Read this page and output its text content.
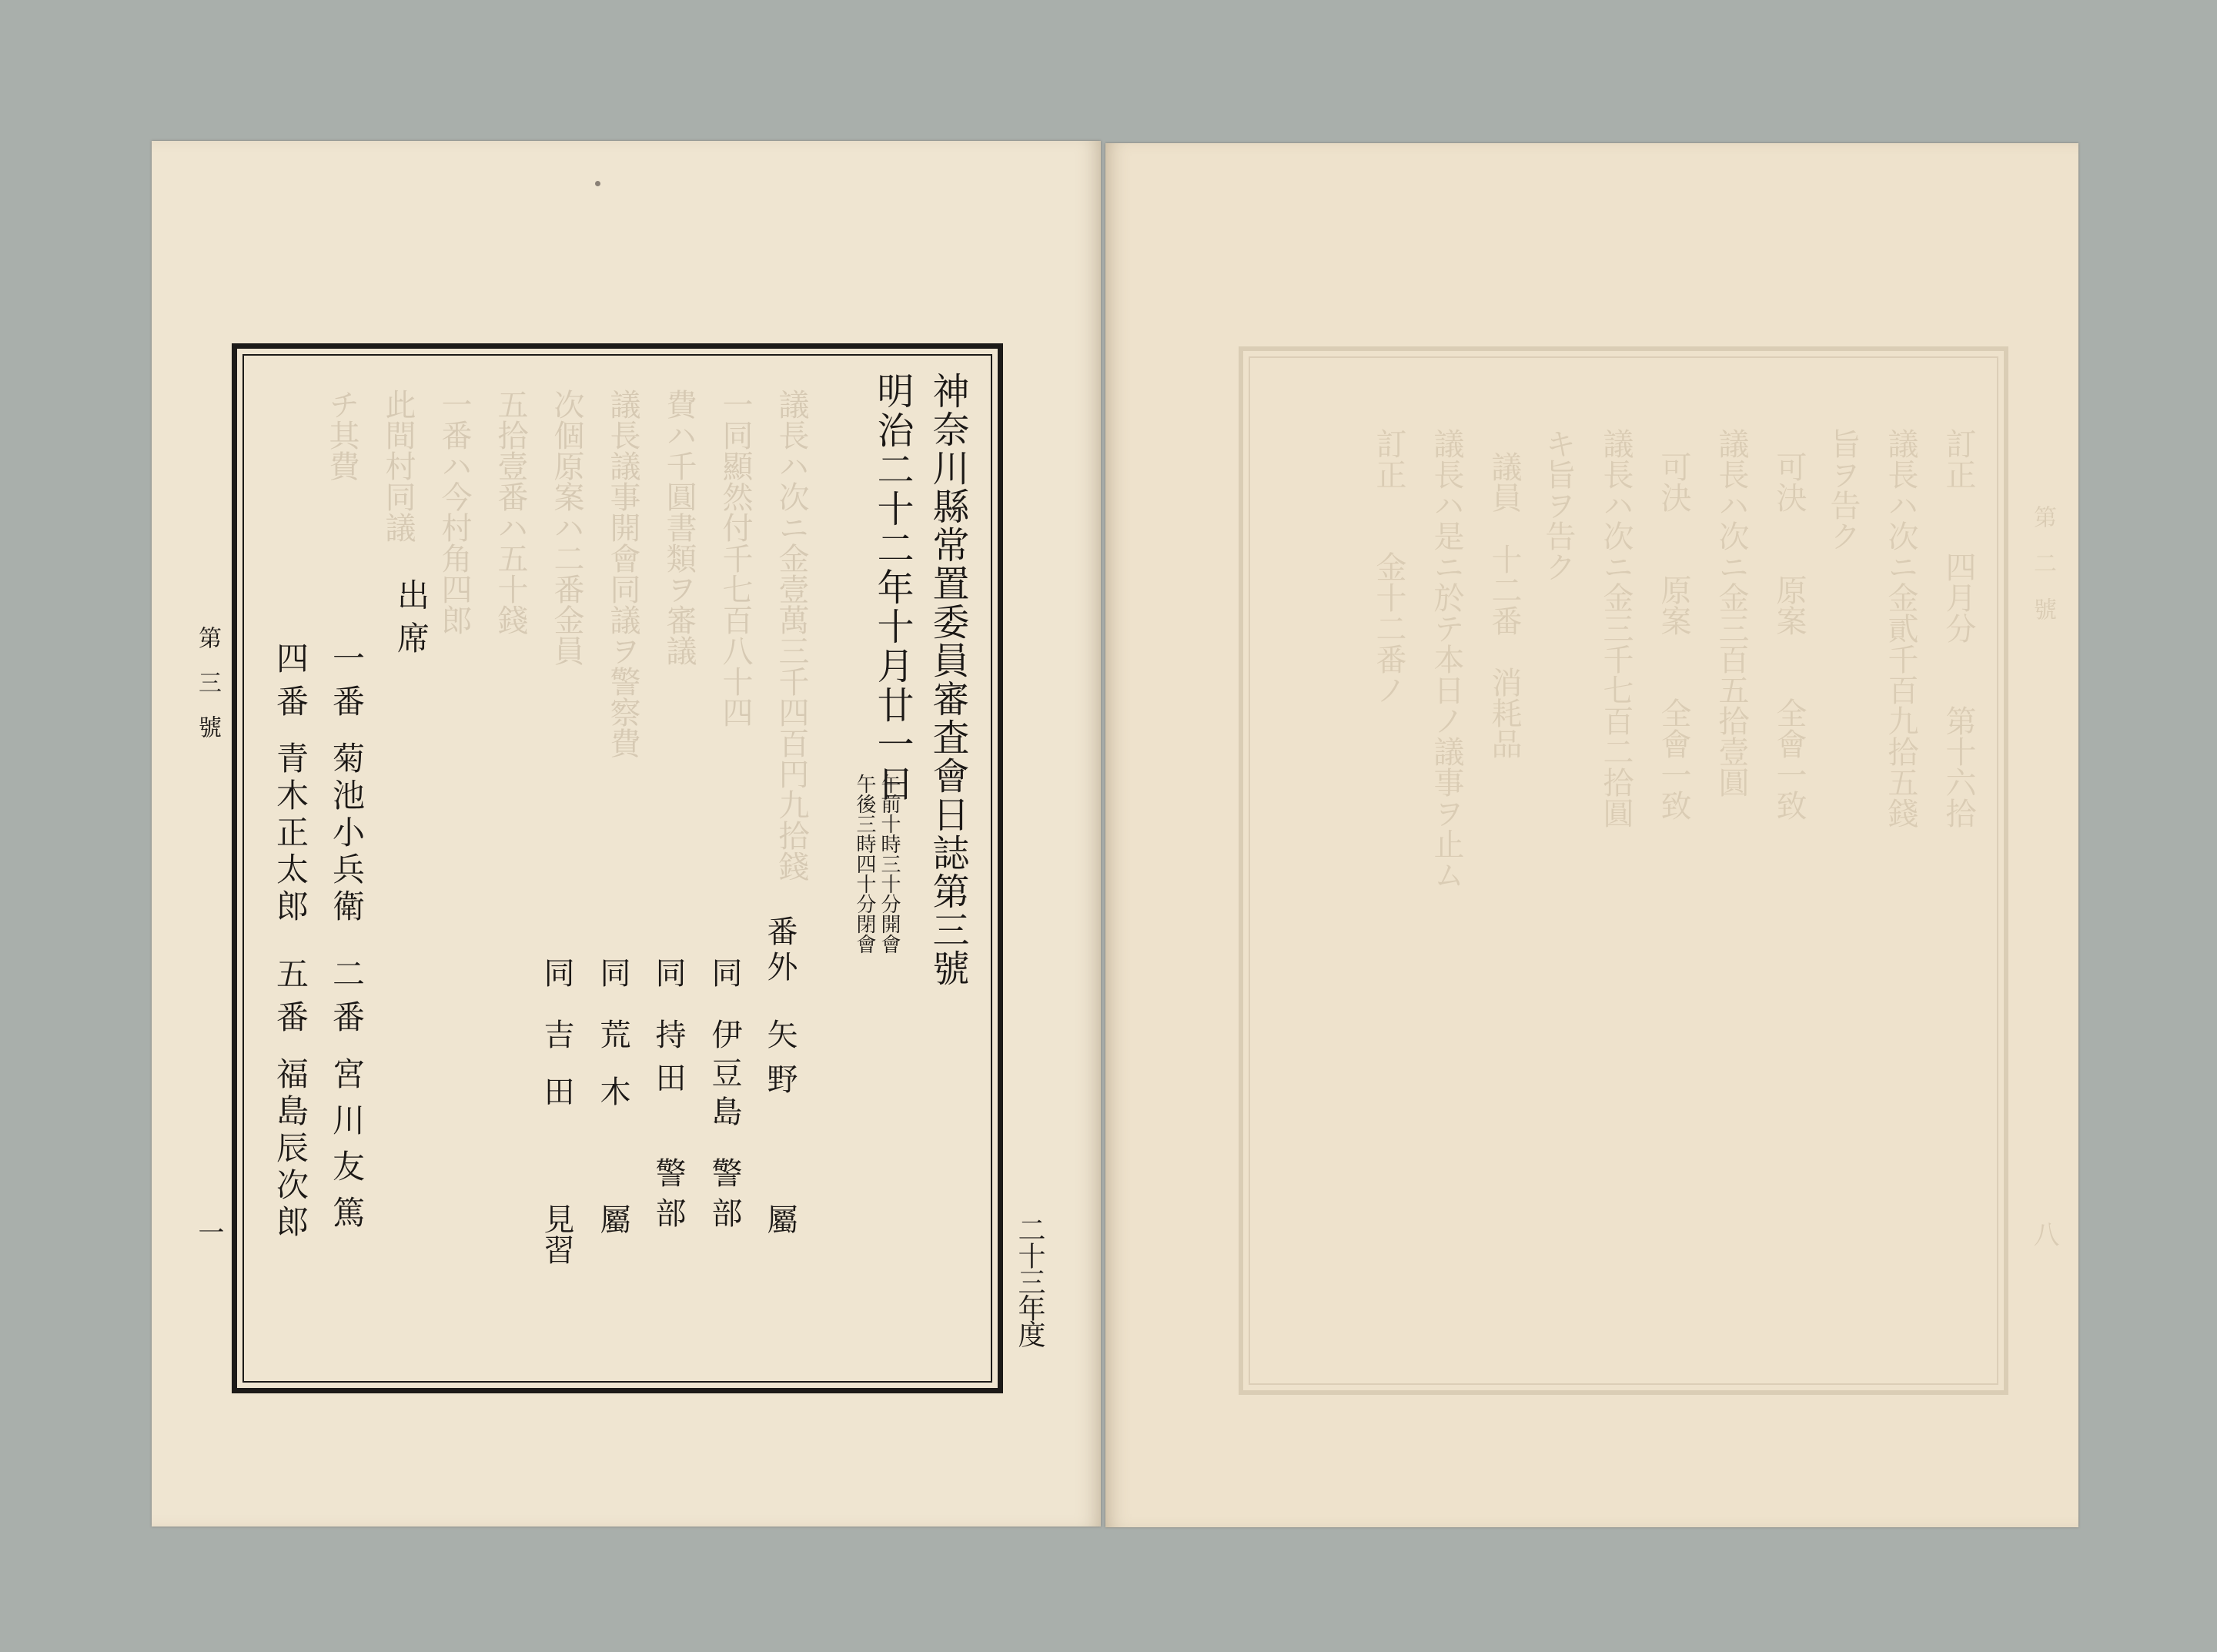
議長ハ次ニ金壹萬三千四百円九拾錢
一同顯然付千七百八十四
費ハ千圓書類ヲ審議
議長議事開會同議ヲ警察費
次個原案ハ二番金員
五拾壹番ハ五十錢
一番ハ今村角四郎
此間村同議
チ其費	神奈川縣常置委員審査會日誌第三號
明治二十二年十月廿一日
午前十時三十分開會
午後三時四十分閉會
番外
矢野
屬
同
伊豆島
警部
同
持田
警部
同
荒木
屬
同
吉田
見習
出席
一番
菊池小兵衛
二番
宮川友篤
四番
青木正太郎
五番
福島辰次郎
二十三年度
第三號
一
訂正　　四月分　　第十六拾
議長ハ次ニ金貳千百九拾五錢
旨ヲ告ク
可決　　原案　　全會一致
議長ハ次ニ金三百五拾壹圓
可決　　原案　　全會一致
議長ハ次ニ金三千七百二拾圓
キ旨ヲ告ク
議員　十二番　消耗品
議長ハ是ニ於テ本日ノ議事ヲ止ム
訂正　　金十二番ノ	第二號
八
